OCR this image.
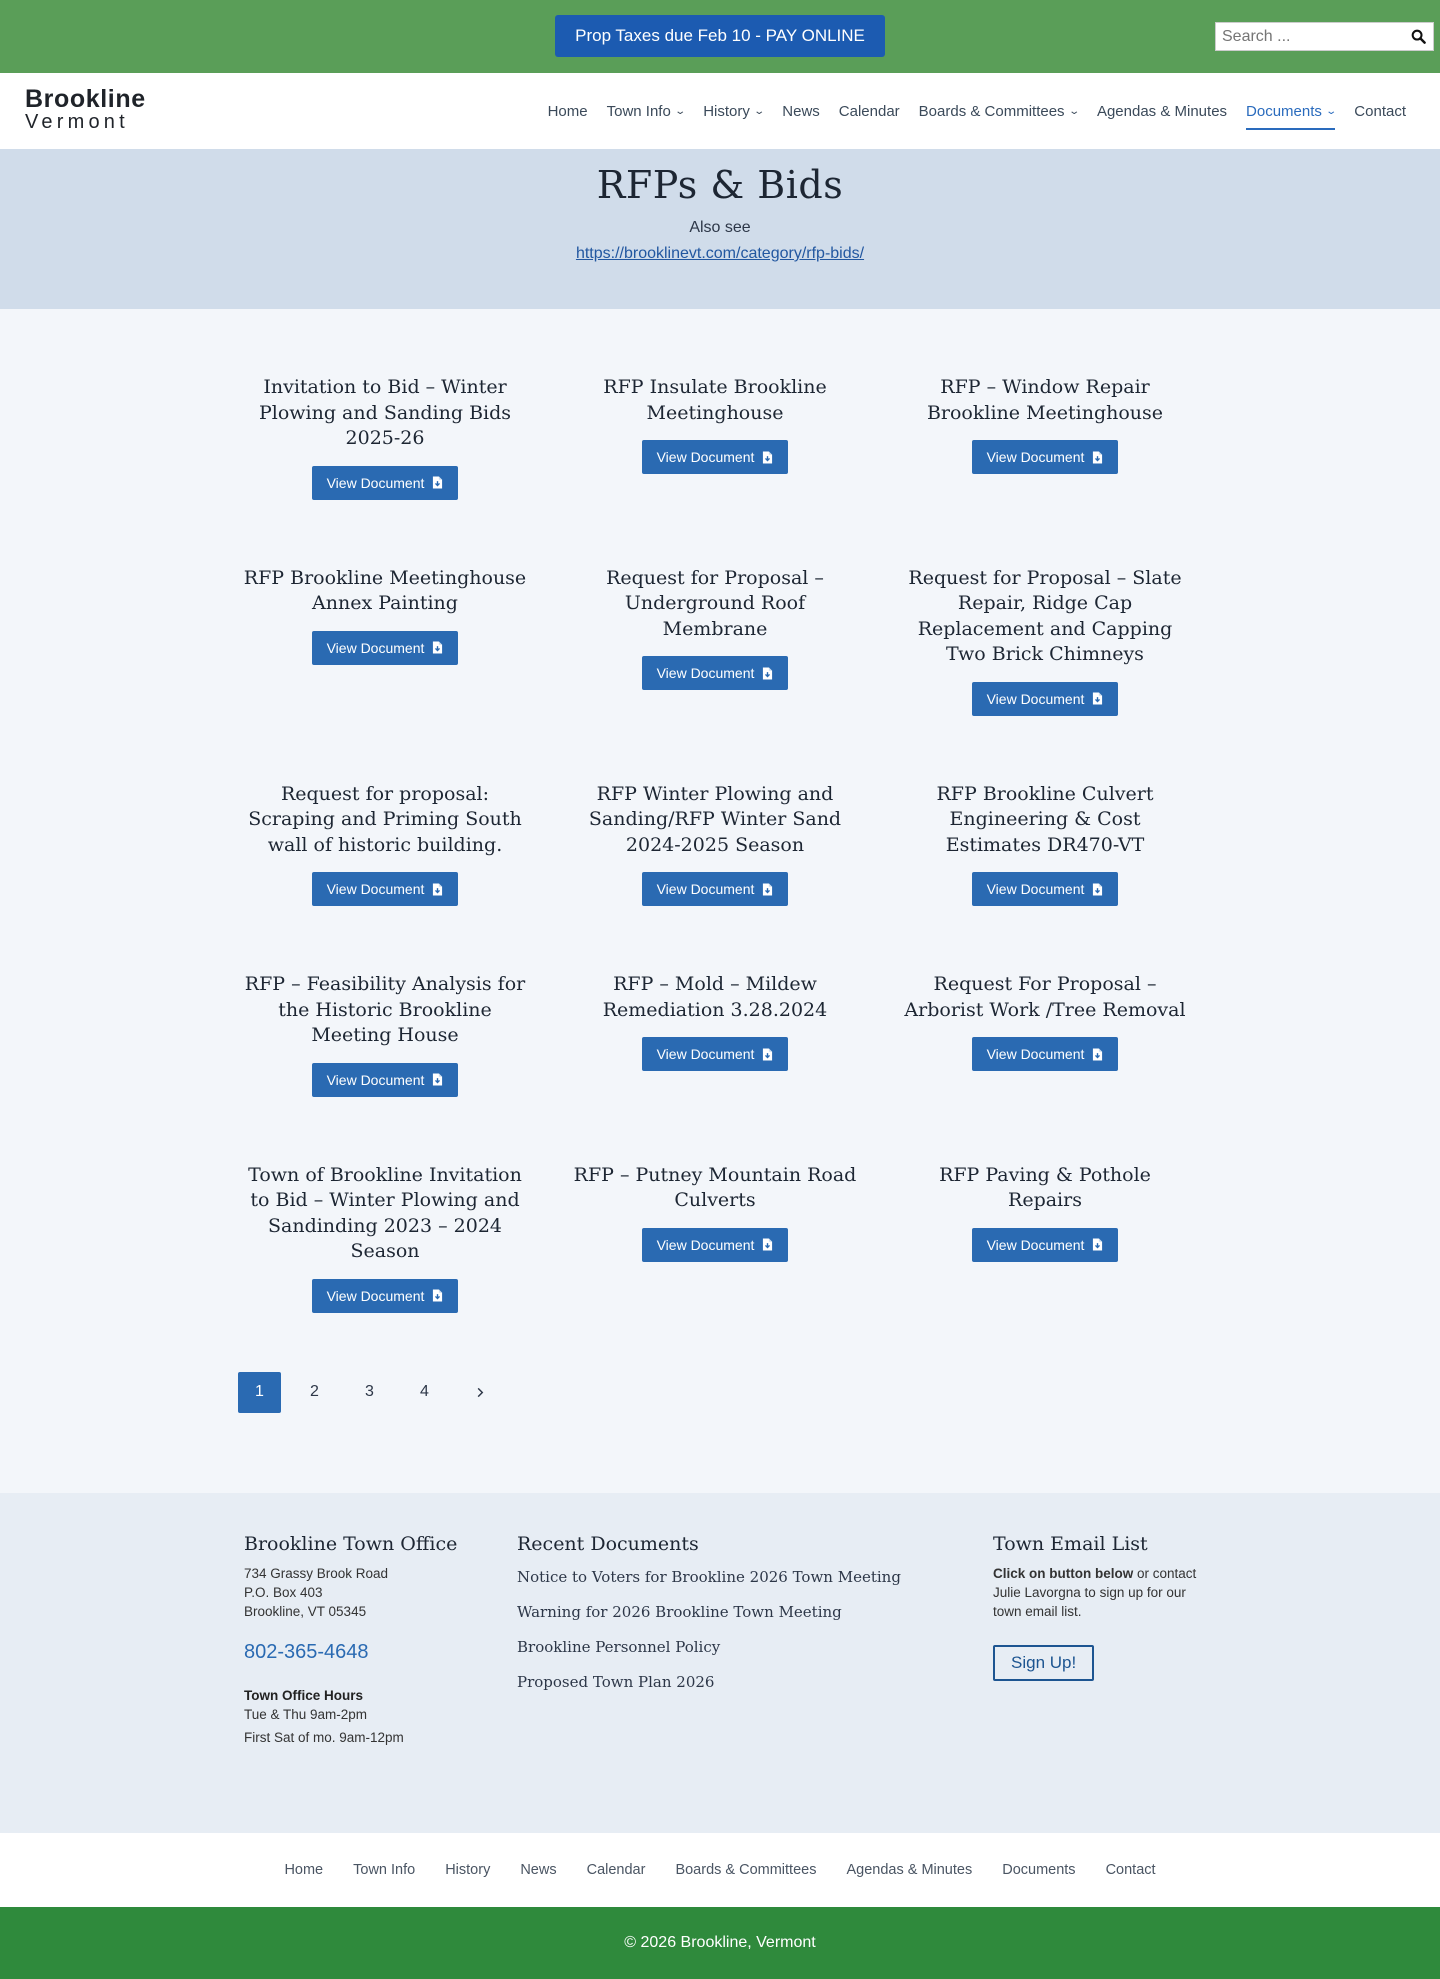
Prop Taxes due Feb 10 - PAY ONLINE
Search ...
Brookline
Vermont	Home Town Info ⌄ History ⌄ News Calendar Boards & Committees ⌄ Agendas & Minutes Documents ⌄ Contact
RFPs & Bids
Also see
https://brooklinevt.com/category/rfp-bids/
Invitation to Bid – Winter Plowing and Sanding Bids 2025-26
View Document
RFP Insulate Brookline Meetinghouse
View Document
RFP – Window Repair Brookline Meetinghouse
View Document
RFP Brookline Meetinghouse Annex Painting
View Document
Request for Proposal – Underground Roof Membrane
View Document
Request for Proposal – Slate Repair, Ridge Cap Replacement and Capping Two Brick Chimneys
View Document
Request for proposal: Scraping and Priming South wall of historic building.
View Document
RFP Winter Plowing and Sanding/RFP Winter Sand 2024-2025 Season
View Document
RFP Brookline Culvert Engineering & Cost Estimates DR470-VT
View Document
RFP – Feasibility Analysis for the Historic Brookline Meeting House
View Document
RFP – Mold – Mildew Remediation 3.28.2024
View Document
Request For Proposal – Arborist Work /Tree Removal
View Document
Town of Brookline Invitation to Bid – Winter Plowing and Sandinding 2023 – 2024 Season
View Document
RFP – Putney Mountain Road Culverts
View Document
RFP Paving & Pothole Repairs
View Document
1	2	3	4
Brookline Town Office

734 Grassy Brook Road

P.O. Box 403

Brookline, VT 05345

802-365-4648
Town Office Hours
Tue & Thu 9am-2pm
First Sat of mo. 9am-12pm
Recent Documents
Notice to Voters for Brookline 2026 Town Meeting
Warning for 2026 Brookline Town Meeting
Brookline Personnel Policy
Proposed Town Plan 2026
Town Email List

Click on button below or contact Julie Lavorgna to sign up for our town email list.

Sign Up!
Home Town Info History News Calendar Boards & Committees Agendas & Minutes Documents Contact
© 2026 Brookline, Vermont
